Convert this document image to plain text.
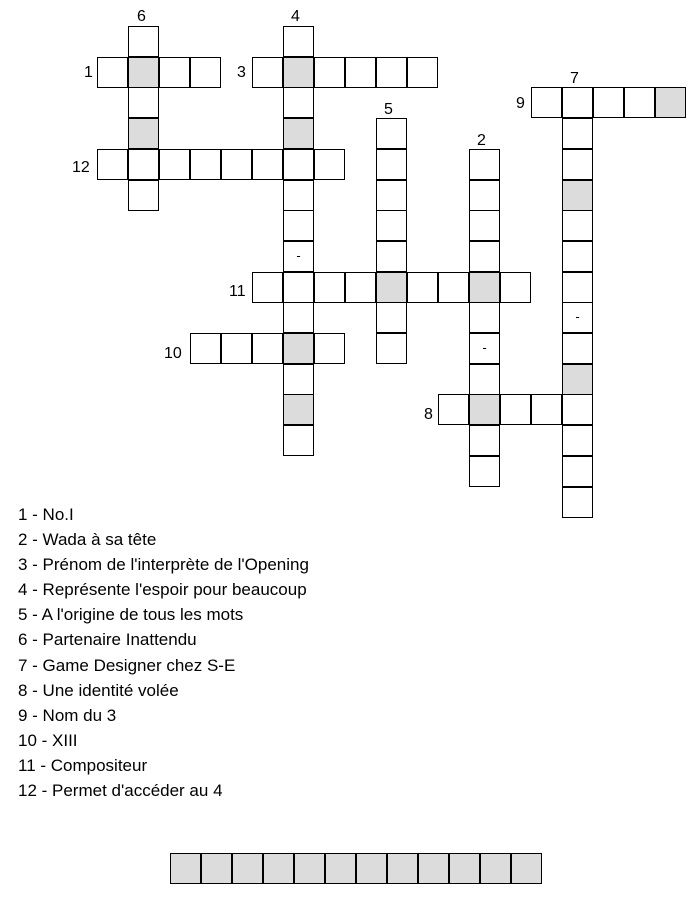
-
-
-
1
2
3
4
5
6
7
8
9
10
11
12
1 - No.I
2 - Wada à sa tête
3 - Prénom de l'interprète de l'Opening
4 - Représente l'espoir pour beaucoup
5 - A l'origine de tous les mots
6 - Partenaire Inattendu
7 - Game Designer chez S-E
8 - Une identité volée
9 - Nom du 3
10 - XIII
11 - Compositeur
12 - Permet d'accéder au 4
